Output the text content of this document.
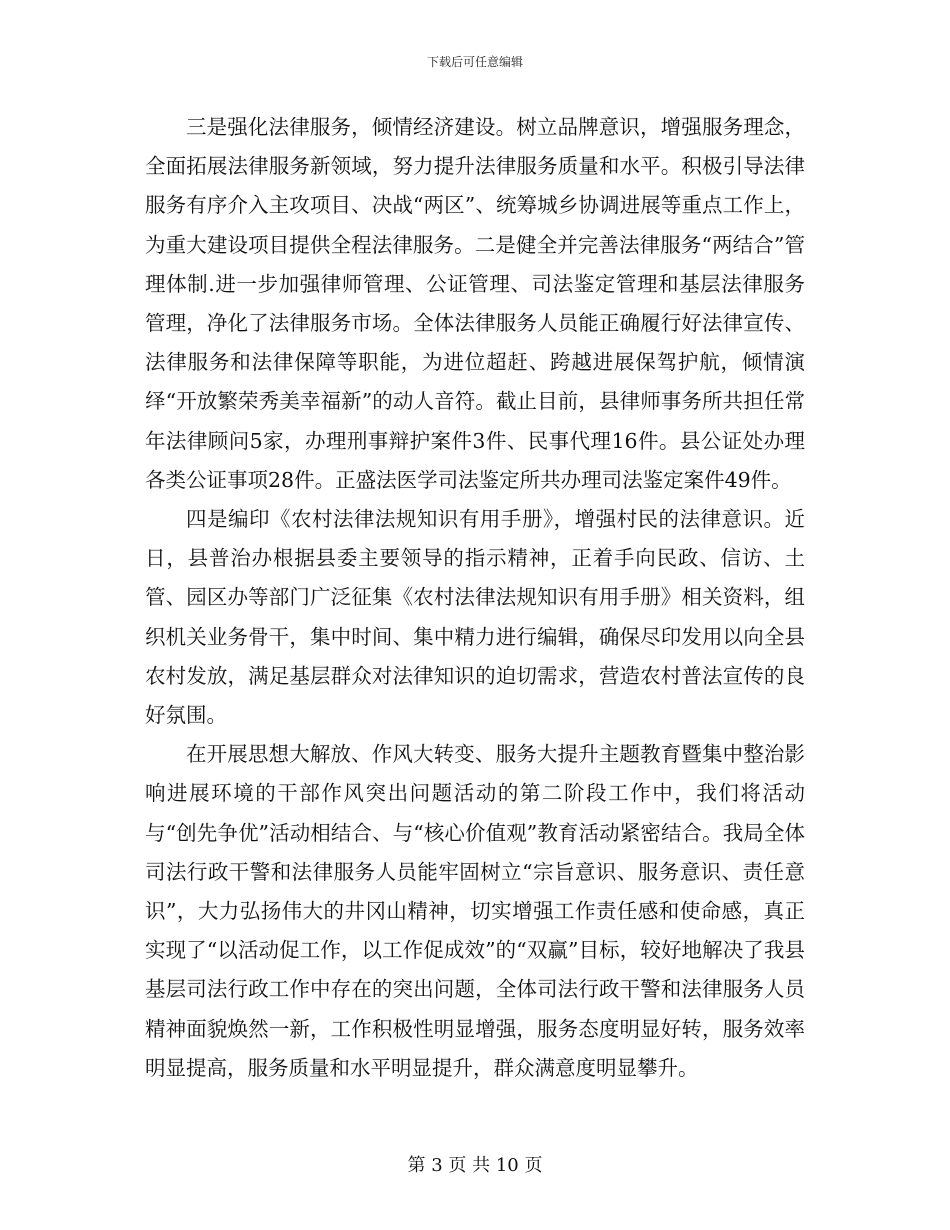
下载后可任意编辑

三是强化法律服务，倾情经济建设。树立品牌意识，增强服务理念，全面拓展法律服务新领域，努力提升法律服务质量和水平。积极引导法律服务有序介入主攻项目、决战“两区”、统筹城乡协调进展等重点工作上，为重大建设项目提供全程法律服务。二是健全并完善法律服务“两结合”管理体制.进一步加强律师管理、公证管理、司法鉴定管理和基层法律服务管理，净化了法律服务市场。全体法律服务人员能正确履行好法律宣传、法律服务和法律保障等职能，为进位超赶、跨越进展保驾护航，倾情演绎“开放繁荣秀美幸福新”的动人音符。截止目前，县律师事务所共担任常年法律顾问5家，办理刑事辩护案件3件、民事代理16件。县公证处办理各类公证事项28件。正盛法医学司法鉴定所共办理司法鉴定案件49件。

四是编印《农村法律法规知识有用手册》，增强村民的法律意识。近日，县普治办根据县委主要领导的指示精神，正着手向民政、信访、土管、园区办等部门广泛征集《农村法律法规知识有用手册》相关资料，组织机关业务骨干，集中时间、集中精力进行编辑，确保尽印发用以向全县农村发放，满足基层群众对法律知识的迫切需求，营造农村普法宣传的良好氛围。

在开展思想大解放、作风大转变、服务大提升主题教育暨集中整治影响进展环境的干部作风突出问题活动的第二阶段工作中，我们将活动与“创先争优”活动相结合、与“核心价值观”教育活动紧密结合。我局全体司法行政干警和法律服务人员能牢固树立“宗旨意识、服务意识、责任意识”，大力弘扬伟大的井冈山精神，切实增强工作责任感和使命感，真正实现了“以活动促工作，以工作促成效”的“双赢”目标，较好地解决了我县基层司法行政工作中存在的突出问题，全体司法行政干警和法律服务人员精神面貌焕然一新，工作积极性明显增强，服务态度明显好转，服务效率明显提高，服务质量和水平明显提升，群众满意度明显攀升。

第 3 页 共 10 页
